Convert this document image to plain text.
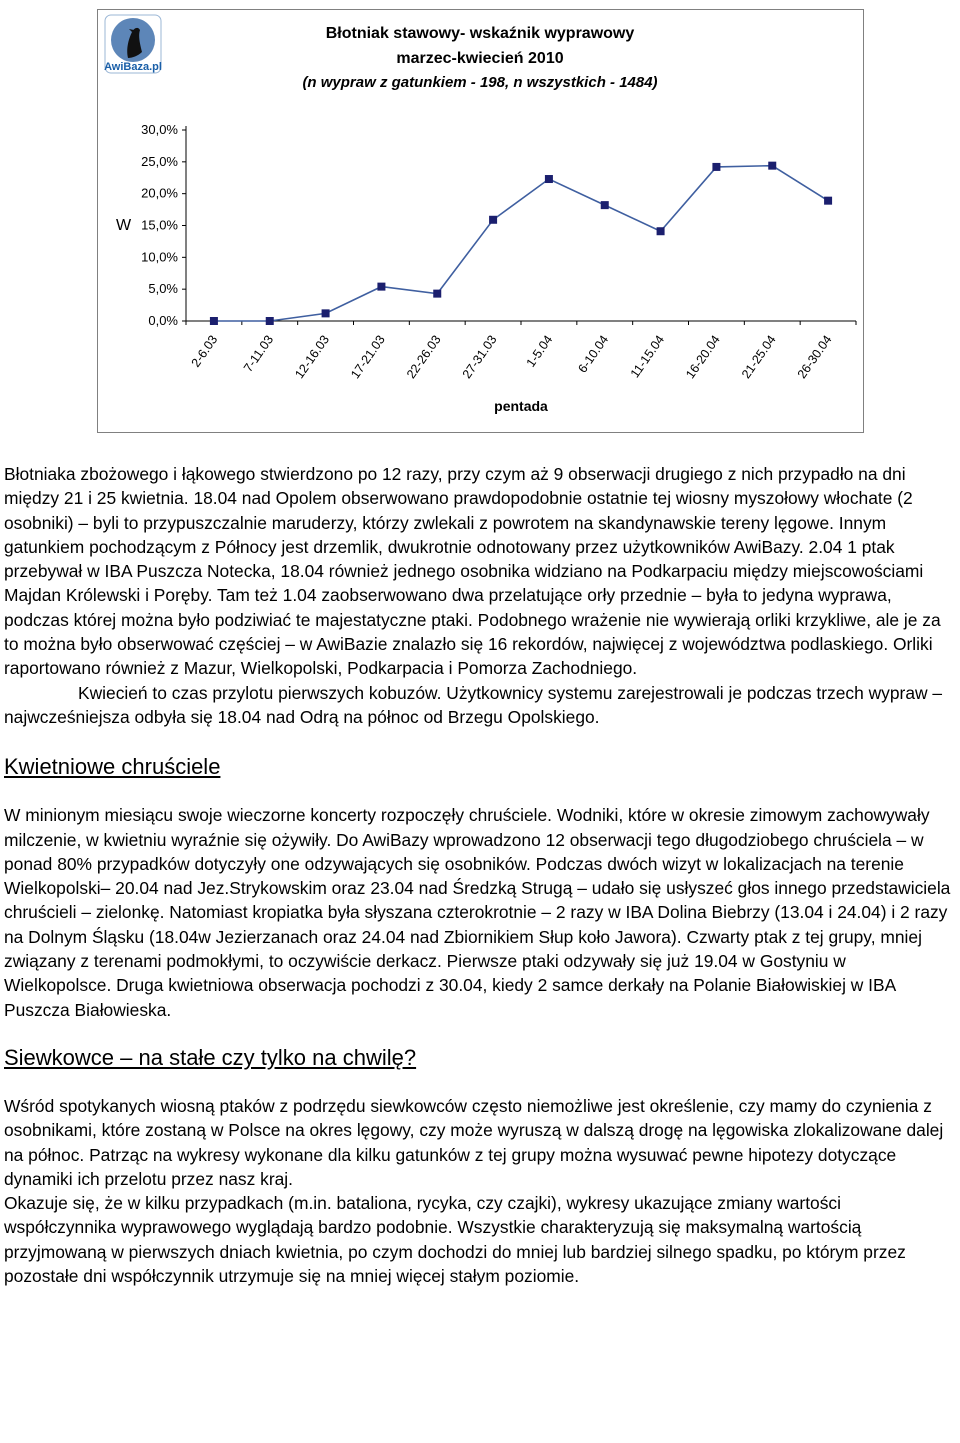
AwiBaza.pl
Błotniak stawowy- wskaźnik wyprawowy
marzec-kwiecień 2010
(n wypraw z gatunkiem - 198, n wszystkich - 1484)
0,0%
5,0%
10,0%
15,0%
20,0%
25,0%
30,0%
2-6.03 7-11.03 12-16.03 17-21.03 22-26.03 27-31.03 1-5.04 6-10.04 11-15.04 16-20.04 21-25.04 26-30.04
W
pentada

Błotniaka zbożowego i łąkowego stwierdzono po 12 razy, przy czym aż 9 obserwacji drugiego z nich przypadło na dni między 21 i 25 kwietnia. 18.04 nad Opolem obserwowano prawdopodobnie ostatnie tej wiosny myszołowy włochate (2 osobniki) – byli to przypuszczalnie maruderzy, którzy zwlekali z powrotem na skandynawskie tereny lęgowe. Innym gatunkiem pochodzącym z Północy jest drzemlik, dwukrotnie odnotowany przez użytkowników AwiBazy. 2.04 1 ptak przebywał w IBA Puszcza Notecka, 18.04 również jednego osobnika widziano na Podkarpaciu między miejscowościami Majdan Królewski i Poręby. Tam też 1.04 zaobserwowano dwa przelatujące orły przednie – była to jedyna wyprawa, podczas której można było podziwiać te majestatyczne ptaki. Podobnego wrażenie nie wywierają orliki krzykliwe, ale je za to można było obserwować częściej – w AwiBazie znalazło się 16 rekordów, najwięcej z województwa podlaskiego. Orliki raportowano również z Mazur, Wielkopolski, Podkarpacia i Pomorza Zachodniego.

Kwiecień to czas przylotu pierwszych kobuzów. Użytkownicy systemu zarejestrowali je podczas trzech wypraw – najwcześniejsza odbyła się 18.04 nad Odrą na północ od Brzegu Opolskiego.

Kwietniowe chruściele

W minionym miesiącu swoje wieczorne koncerty rozpoczęły chruściele. Wodniki, które w okresie zimowym zachowywały milczenie, w kwietniu wyraźnie się ożywiły. Do AwiBazy wprowadzono 12 obserwacji tego długodziobego chruściela – w ponad 80% przypadków dotyczyły one odzywających się osobników. Podczas dwóch wizyt w lokalizacjach na terenie Wielkopolski– 20.04 nad Jez.Strykowskim oraz 23.04 nad Średzką Strugą – udało się usłyszeć głos innego przedstawiciela chruścieli – zielonkę. Natomiast kropiatka była słyszana czterokrotnie – 2 razy w IBA Dolina Biebrzy (13.04 i 24.04) i 2 razy na Dolnym Śląsku (18.04w Jezierzanach oraz 24.04 nad Zbiornikiem Słup koło Jawora). Czwarty ptak z tej grupy, mniej związany z terenami podmokłymi, to oczywiście derkacz. Pierwsze ptaki odzywały się już 19.04 w Gostyniu w Wielkopolsce. Druga kwietniowa obserwacja pochodzi z 30.04, kiedy 2 samce derkały na Polanie Białowiskiej w IBA Puszcza Białowieska.

Siewkowce – na stałe czy tylko na chwilę?

Wśród spotykanych wiosną ptaków z podrzędu siewkowców często niemożliwe jest określenie, czy mamy do czynienia z osobnikami, które zostaną w Polsce na okres lęgowy, czy może wyruszą w dalszą drogę na lęgowiska zlokalizowane dalej na północ. Patrząc na wykresy wykonane dla kilku gatunków z tej grupy można wysuwać pewne hipotezy dotyczące dynamiki ich przelotu przez nasz kraj.

Okazuje się, że w kilku przypadkach (m.in. bataliona, rycyka, czy czajki), wykresy ukazujące zmiany wartości współczynnika wyprawowego wyglądają bardzo podobnie. Wszystkie charakteryzują się maksymalną wartością przyjmowaną w pierwszych dniach kwietnia, po czym dochodzi do mniej lub bardziej silnego spadku, po którym przez pozostałe dni współczynnik utrzymuje się na mniej więcej stałym poziomie.
